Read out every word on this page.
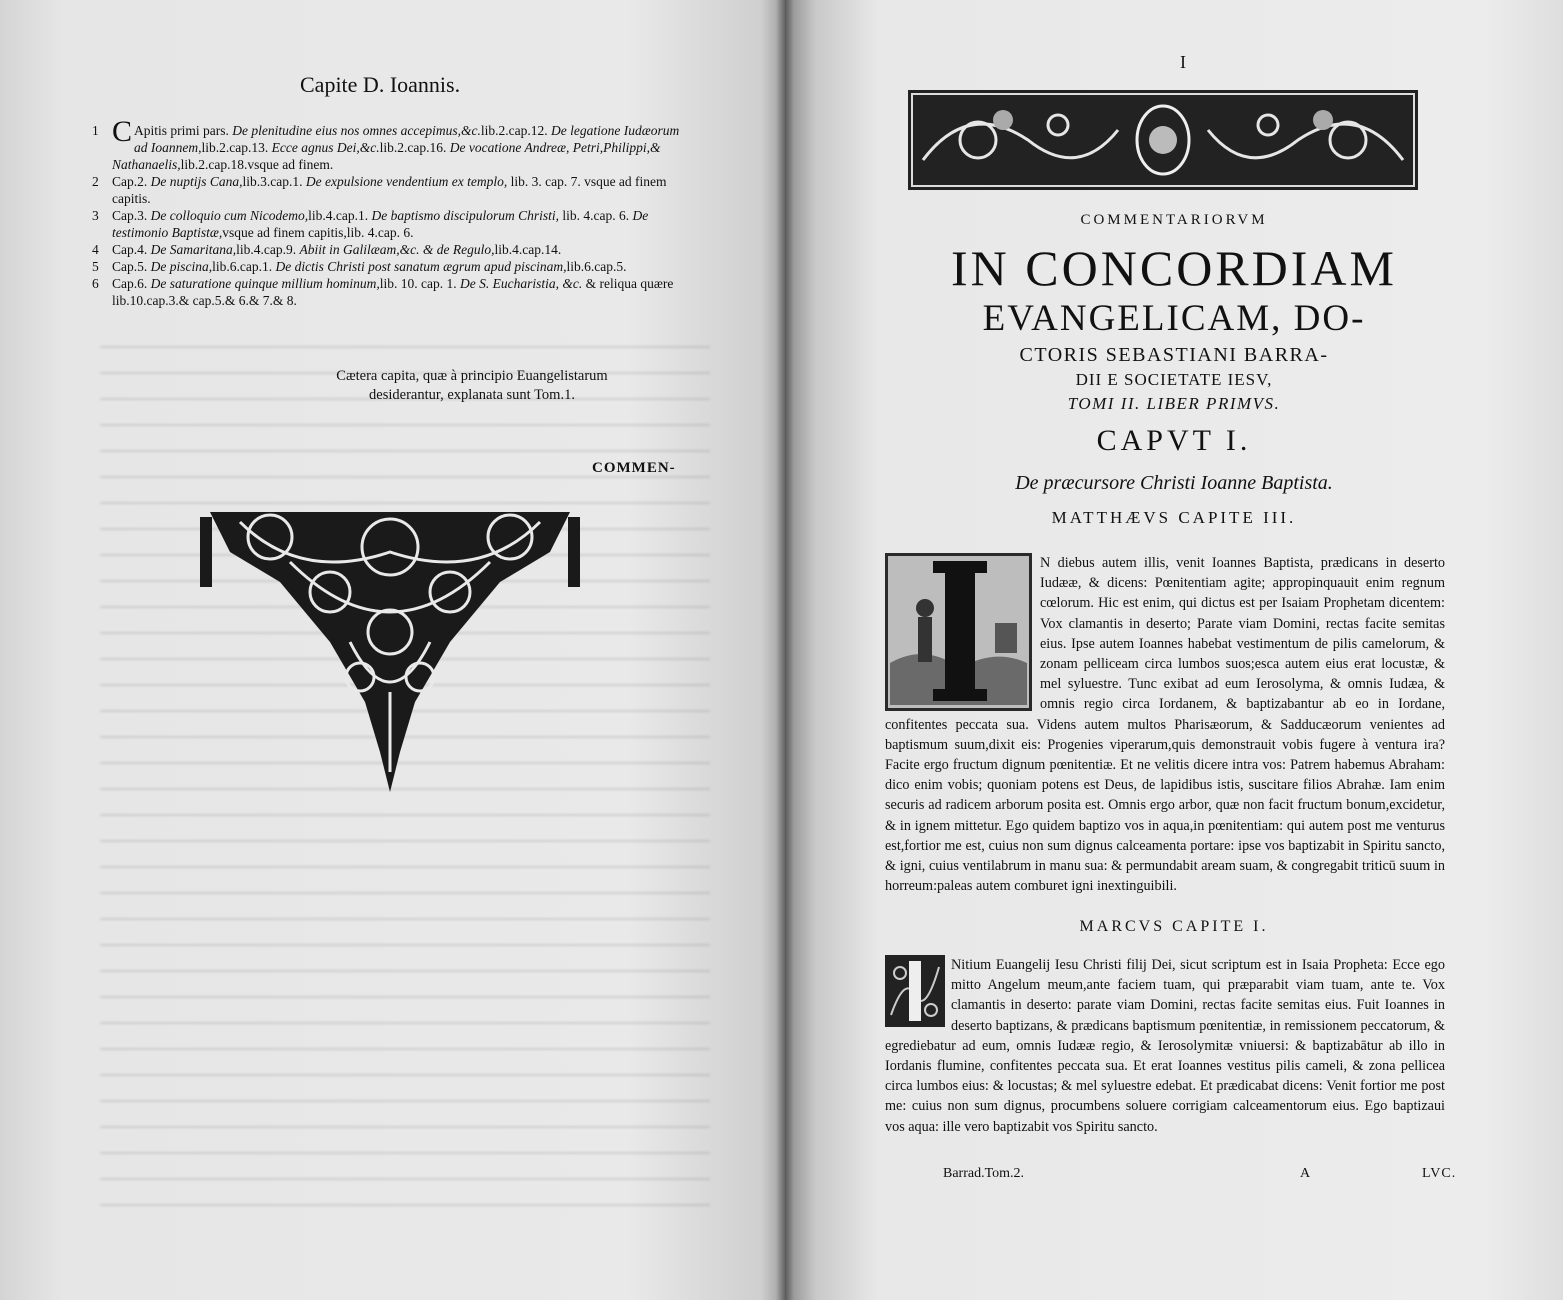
Capite D. Ioannis.

1 C Apitis primi pars. De plenitudine eius nos omnes accepimus,&c.lib.2.cap.12. De legatione Iudæorum ad Ioannem,lib.2.cap.13. Ecce agnus Dei,&c.lib.2.cap.16. De vocatione Andreæ, Petri,Philippi,& Nathanaelis,lib.2.cap.18.vsque ad finem.

2 Cap.2. De nuptijs Cana,lib.3.cap.1. De expulsione vendentium ex templo, lib. 3. cap. 7. vsque ad finem capitis.

3 Cap.3. De colloquio cum Nicodemo,lib.4.cap.1. De baptismo discipulorum Christi, lib. 4.cap. 6. De testimonio Baptistæ,vsque ad finem capitis,lib. 4.cap. 6.

4 Cap.4. De Samaritana,lib.4.cap.9. Abiit in Galilæam,&c. & de Regulo,lib.4.cap.14.

5 Cap.5. De piscina,lib.6.cap.1. De dictis Christi post sanatum ægrum apud piscinam,lib.6.cap.5.

6 Cap.6. De saturatione quinque millium hominum,lib. 10. cap. 1. De S. Eucharistia, &c. & reliqua quære lib.10.cap.3.& cap.5.& 6.& 7.& 8.

Cætera capita, quæ à principio Euangelistarum desiderantur, explanata sunt Tom.1.
COMMEN-
I
COMMENTARIORVM
IN CONCORDIAM
EVANGELICAM, DO-
CTORIS SEBASTIANI BARRA-
DII E SOCIETATE IESV,
TOMI II. LIBER PRIMVS.
CAPVT I.
De præcursore Christi Ioanne Baptista.
MATTHÆVS CAPITE III.
N diebus autem illis, venit Ioannes Baptista, prædicans in deserto Iudææ, & dicens: Pœnitentiam agite; appropinquauit enim regnum cœlorum. Hic est enim, qui dictus est per Isaiam Prophetam dicentem: Vox clamantis in deserto; Parate viam Domini, rectas facite semitas eius. Ipse autem Ioannes habebat vestimentum de pilis camelorum, & zonam pelliceam circa lumbos suos;esca autem eius erat locustæ, & mel syluestre. Tunc exibat ad eum Ierosolyma, & omnis Iudæa, & omnis regio circa Iordanem, & baptizabantur ab eo in Iordane, confitentes peccata sua. Videns autem multos Pharisæorum, & Sadducæorum venientes ad baptismum suum,dixit eis: Progenies viperarum,quis demonstrauit vobis fugere à ventura ira? Facite ergo fructum dignum pœnitentiæ. Et ne velitis dicere intra vos: Patrem habemus Abraham: dico enim vobis; quoniam potens est Deus, de lapidibus istis, suscitare filios Abrahæ. Iam enim securis ad radicem arborum posita est. Omnis ergo arbor, quæ non facit fructum bonum,excidetur, & in ignem mittetur. Ego quidem baptizo vos in aqua,in pœnitentiam: qui autem post me venturus est,fortior me est, cuius non sum dignus calceamenta portare: ipse vos baptizabit in Spiritu sancto, & igni, cuius ventilabrum in manu sua: & permundabit aream suam, & congregabit triticū suum in horreum:paleas autem comburet igni inextinguibili.
MARCVS CAPITE I.
Nitium Euangelij Iesu Christi filij Dei, sicut scriptum est in Isaia Propheta: Ecce ego mitto Angelum meum,ante faciem tuam, qui præparabit viam tuam, ante te. Vox clamantis in deserto: parate viam Domini, rectas facite semitas eius. Fuit Ioannes in deserto baptizans, & prædicans baptismum pœnitentiæ, in remissionem peccatorum, & egrediebatur ad eum, omnis Iudææ regio, & Ierosolymitæ vniuersi: & baptizabātur ab illo in Iordanis flumine, confitentes peccata sua. Et erat Ioannes vestitus pilis cameli, & zona pellicea circa lumbos eius: & locustas; & mel syluestre edebat. Et prædicabat dicens: Venit fortior me post me: cuius non sum dignus, procumbens soluere corrigiam calceamentorum eius. Ego baptizaui vos aqua: ille vero baptizabit vos Spiritu sancto.
Barrad.Tom.2.	A	LVC.
